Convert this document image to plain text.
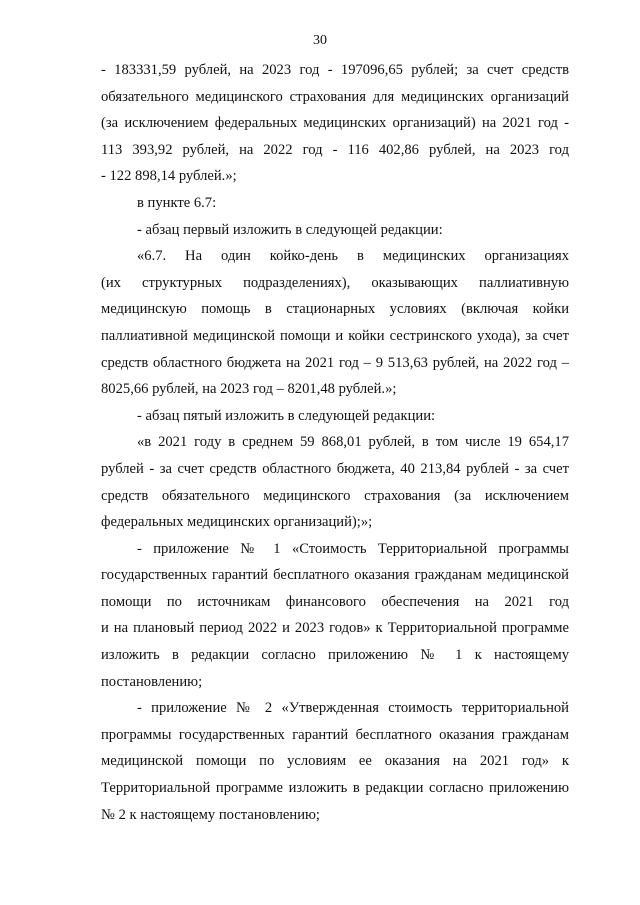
30
- 183331,59 рублей, на 2023 год - 197096,65 рублей; за счет средств
обязательного медицинского страхования для медицинских организаций
(за исключением федеральных медицинских организаций) на 2021 год -
113 393,92 рублей, на 2022 год - 116 402,86 рублей, на 2023 год
- 122 898,14 рублей.»;
в пункте 6.7:
- абзац первый изложить в следующей редакции:
«6.7. На один койко-день в медицинских организациях
(их структурных подразделениях), оказывающих паллиативную
медицинскую помощь в стационарных условиях (включая койки
паллиативной медицинской помощи и койки сестринского ухода), за счет
средств областного бюджета на 2021 год – 9 513,63 рублей, на 2022 год –
8025,66 рублей, на 2023 год – 8201,48 рублей.»;
- абзац пятый изложить в следующей редакции:
«в 2021 году в среднем 59 868,01 рублей, в том числе 19 654,17
рублей - за счет средств областного бюджета, 40 213,84 рублей - за счет
средств обязательного медицинского страхования (за исключением
федеральных медицинских организаций);»;
- приложение № 1 «Стоимость Территориальной программы
государственных гарантий бесплатного оказания гражданам медицинской
помощи по источникам финансового обеспечения на 2021 год
и на плановый период 2022 и 2023 годов» к Территориальной программе
изложить в редакции согласно приложению № 1 к настоящему
постановлению;
- приложение № 2 «Утвержденная стоимость территориальной
программы государственных гарантий бесплатного оказания гражданам
медицинской помощи по условиям ее оказания на 2021 год» к
Территориальной программе изложить в редакции согласно приложению
№ 2 к настоящему постановлению;
